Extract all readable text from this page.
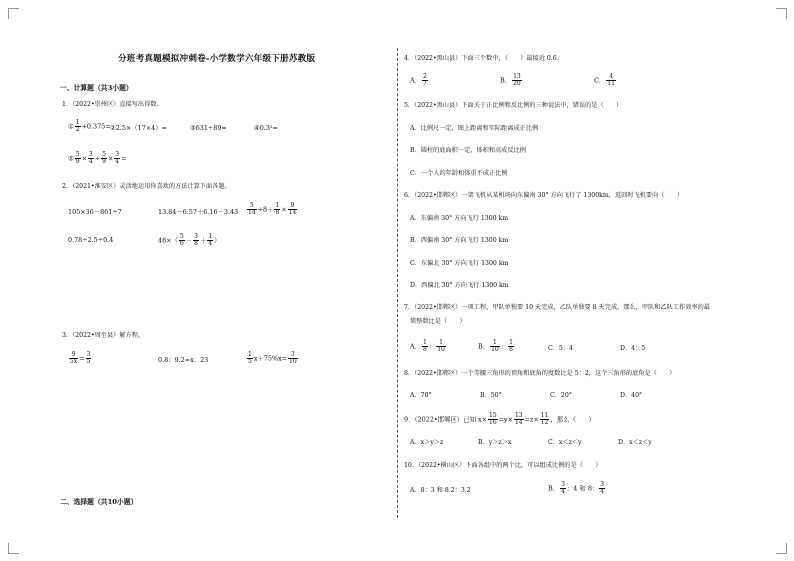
分班考真题模拟冲刺卷-小学数学六年级下册苏教版
一、计算题（共3小题）
1．（2022•崇州区）直接写出得数。
① $\frac{1}{2} +0.375=$ ②2.5×（17×4）=	③631÷89≈	④0.3²=
⑤ $\frac{5}{9} \times \frac{3}{4} \div \frac{5}{9} \times \frac{3}{4}$ =
2．（2021•淮安区）灵活地运用你喜欢的方法计算下面各题。
105×36－861÷7	$13.84-6.57+6.16-3.43 \frac{5}{14} \div 8+ \frac{1}{8} \times \frac{9}{14}$
0.78÷2.5÷0.4	$48\times( \frac{5}{6} - \frac{3}{8} + \frac{1}{4}$ ）
3．（2022•周至县）解方程。
$\frac{9}{5x} = \frac{3}{5}$	0.8：9.2=x：23	$\frac{1}{5} x+75\%x= \frac{3}{10}$
二、选择题（共10小题）
4．（2022•黑山县）下面三个数中，（　　）最接近 0.6。
A． $\frac{2}{7}$	B． $\frac{13}{20}$	C． $\frac{4}{11}$
5．（2022•黑山县）下面关于正比例和反比例的三种说法中，错误的是（　　）
A．比例尺一定，图上距离和实际距离成正比例
B．圆柱的底面积一定，体积和高成反比例
C．一个人的年龄和体重不成正比例
6．（2022•邯郸区）一架飞机从某机场向东偏南 30° 方向飞行了 1300km，返回时飞机要向（　　）
A．东偏南 30° 方向飞行 1300 km
B．西偏南 30° 方向飞行 1300 km
C．东偏北 30° 方向飞行 1300 km
D．西偏北 30° 方向飞行 1300 km
7．（2022•邯郸区）一项工程，甲队单独要 10 天完成，乙队单独要 8 天完成，那么，甲队和乙队工作效率的最
简整数比是（　　）
A． $\frac{1}{8}$ ： $\frac{1}{10}$	B． $\frac{1}{10}$ ： $\frac{1}{8}$	C．5：4	D．4：5
8．（2022•邯郸区）一个等腰三角形的顶角和底角的度数比是 5：2，这个三角形的底角是（　　）
A．70°	B．50°	C．20°	D．40°
9．（2022•邯郸区）已知 $x\times \frac{15}{16} =y\times \frac{13}{14} =z\times \frac{11}{12}$ ，那么（　　）
A．x＞y＞z	B．y＞z＞x	C．x＜z＜y	D．x＜z＜y
10．（2022•横山区）下面各组中的两个比，可以组成比例的是（　　）
A．8：3 和 8.2：3.2	B． $\frac{3}{4}$ ：4 和 8： $\frac{3}{4}$
